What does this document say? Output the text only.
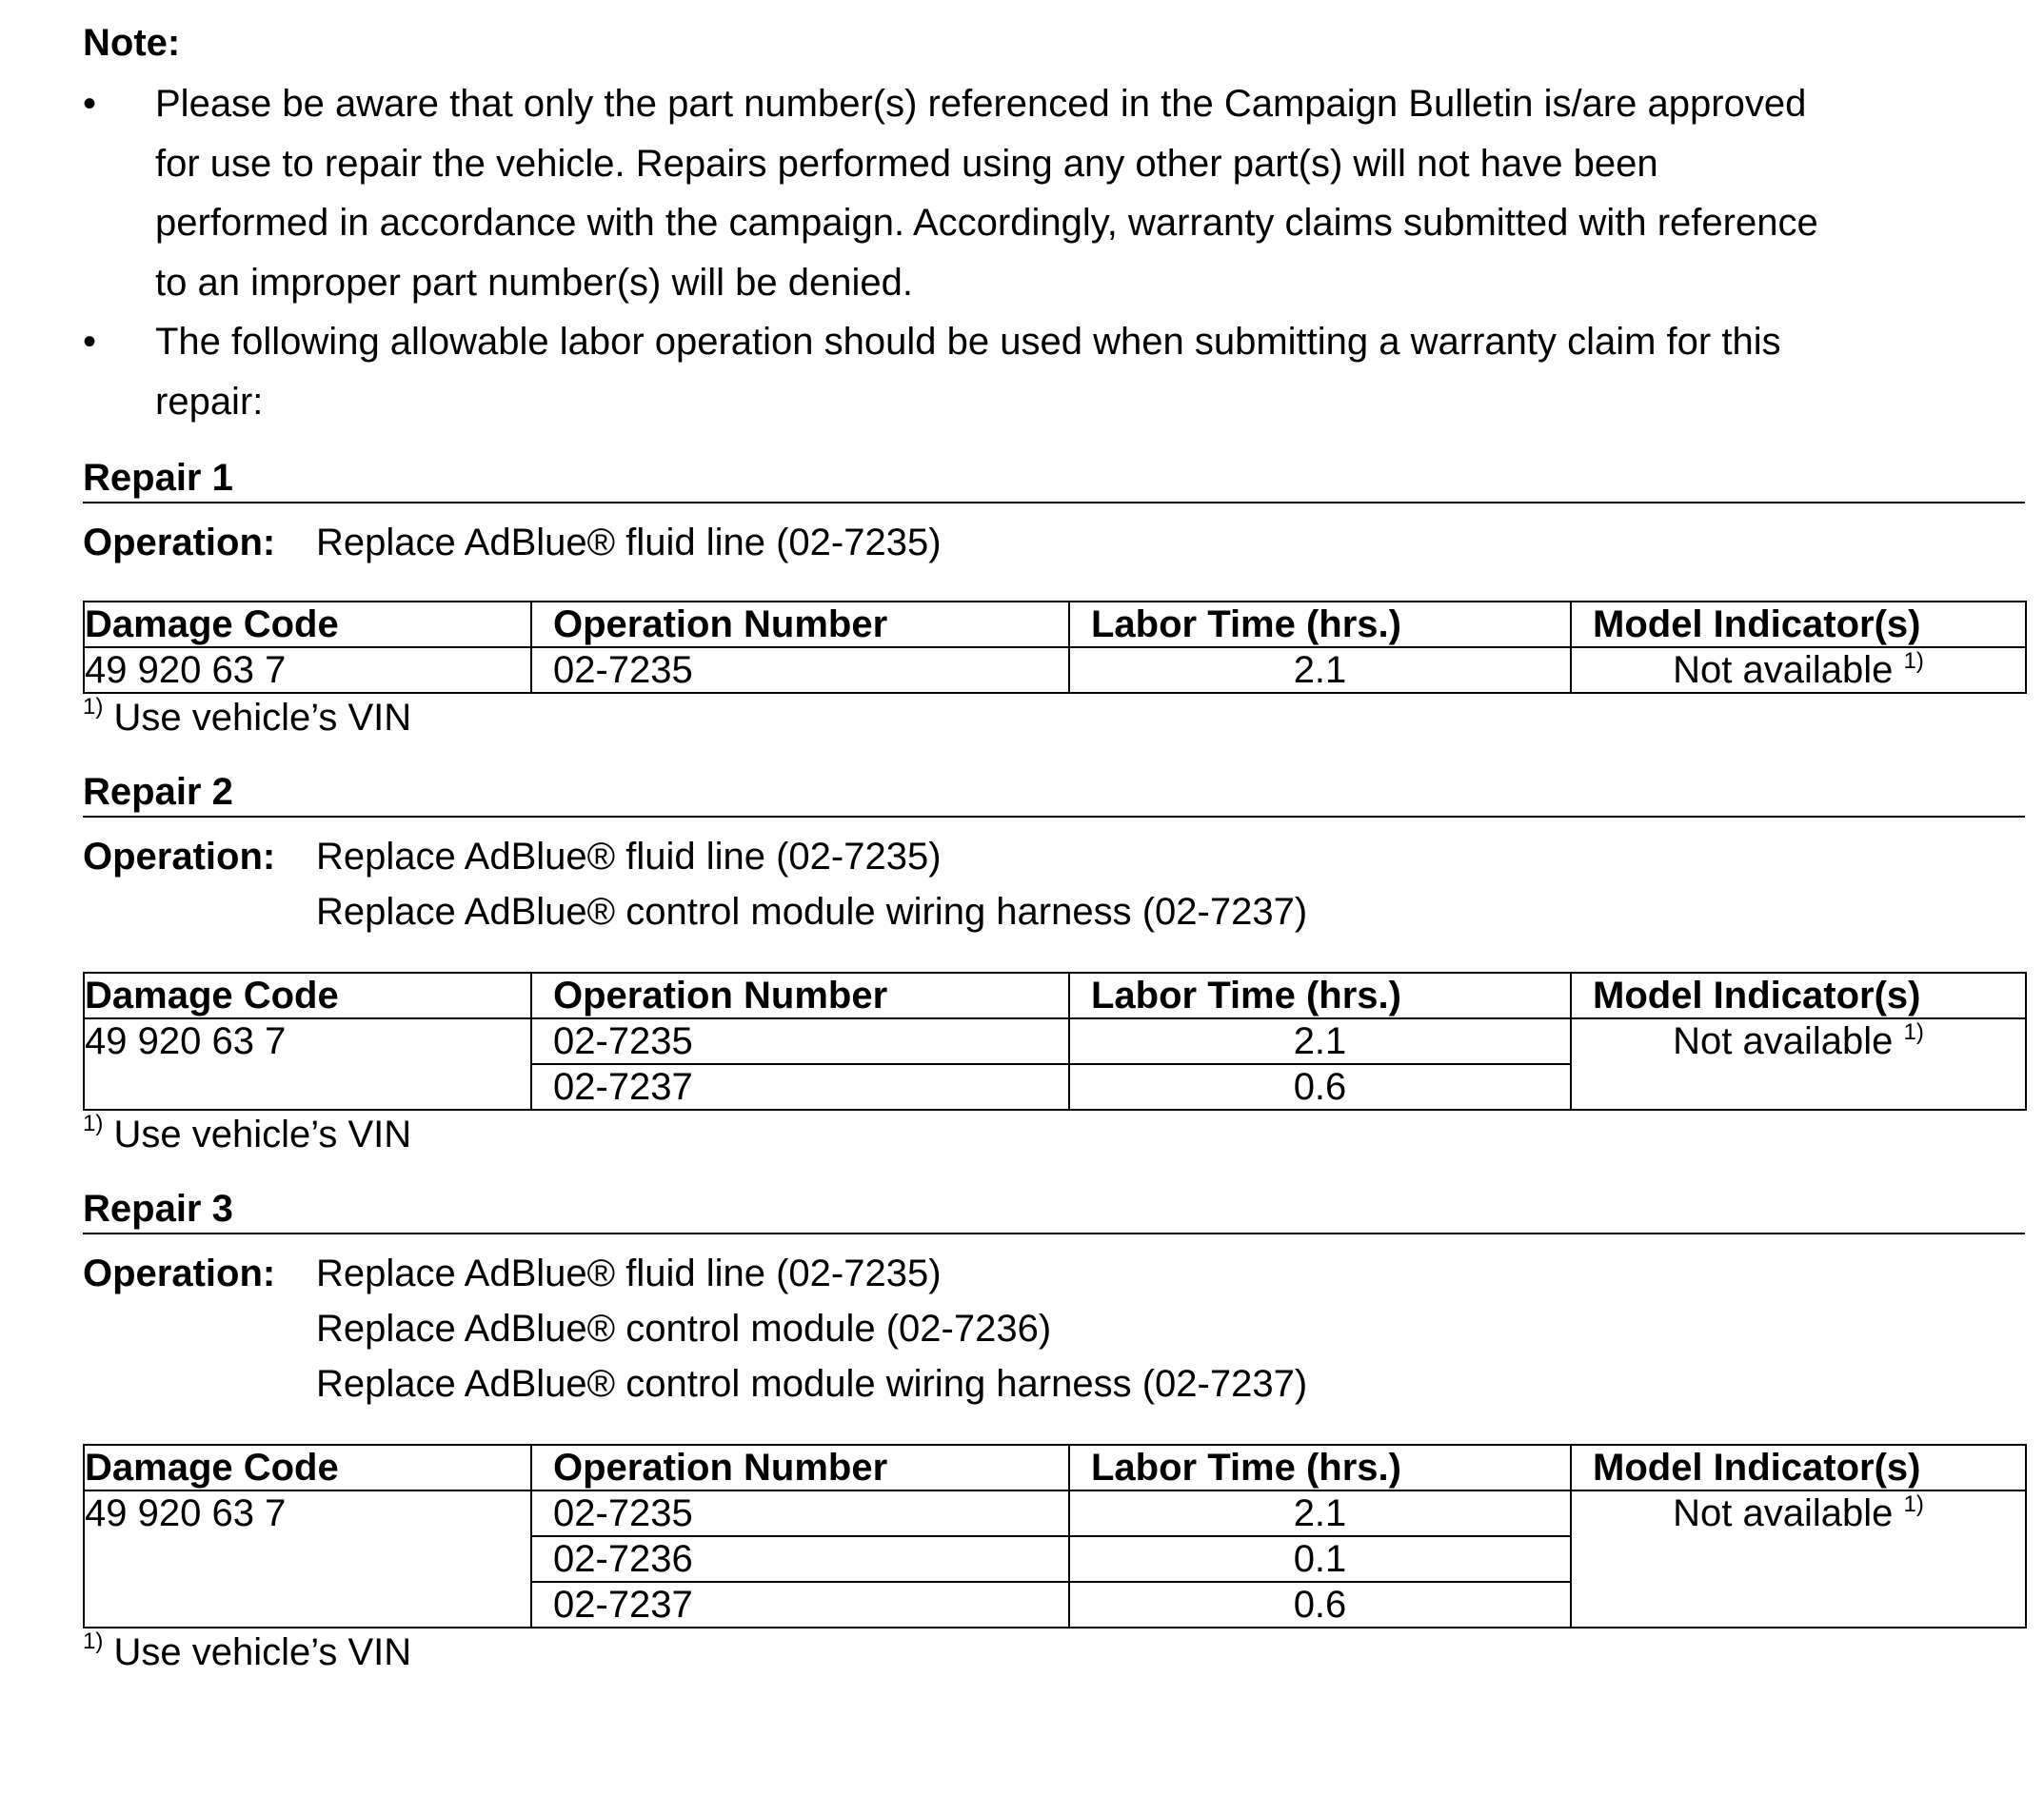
Note:

•	Please be aware that only the part number(s) referenced in the Campaign Bulletin is/are approved for use to repair the vehicle. Repairs performed using any other part(s) will not have been performed in accordance with the campaign. Accordingly, warranty claims submitted with reference to an improper part number(s) will be denied.
•	The following allowable labor operation should be used when submitting a warranty claim for this repair:
Repair 1
Operation:	Replace AdBlue® fluid line (02-7235)
Damage Code	Operation Number	Labor Time (hrs.)	Model Indicator(s)
49 920 63 7	02-7235	2.1	Not available $^{1)}$

$^{1)}$ Use vehicle’s VIN

Repair 2
Operation:	Replace AdBlue® fluid line (02-7235)
Replace AdBlue® control module wiring harness (02-7237)
Damage Code	Operation Number	Labor Time (hrs.)	Model Indicator(s)
49 920 63 7	02-7235	2.1	Not available $^{1)}$
	02-7237	0.6	

$^{1)}$ Use vehicle’s VIN

Repair 3
Operation:	Replace AdBlue® fluid line (02-7235)
Replace AdBlue® control module (02-7236)
Replace AdBlue® control module wiring harness (02-7237)
Damage Code	Operation Number	Labor Time (hrs.)	Model Indicator(s)
49 920 63 7	02-7235	2.1	Not available $^{1)}$
	02-7236	0.1	
	02-7237	0.6	

$^{1)}$ Use vehicle’s VIN
